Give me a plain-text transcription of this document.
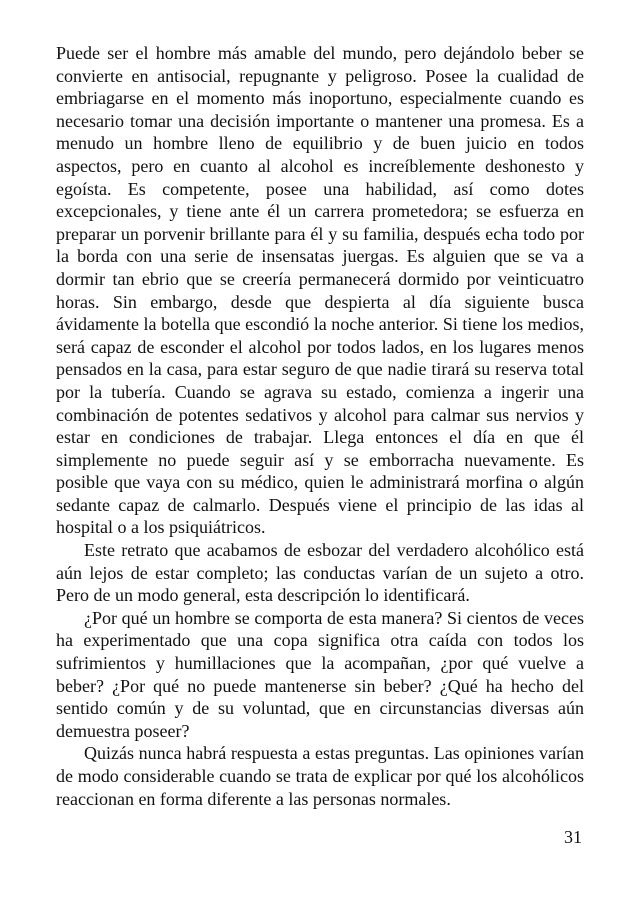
Puede ser el hombre más amable del mundo, pero dejándolo beber se convierte en antisocial, repugnante y peligroso. Posee la cualidad de embriagarse en el momento más inoportuno, especialmente cuando es necesario tomar una decisión importante o mantener una promesa. Es a menudo un hombre lleno de equilibrio y de buen juicio en todos aspectos, pero en cuanto al alcohol es increíblemente deshonesto y egoísta. Es competente, posee una habilidad, así como dotes excepcionales, y tiene ante él un carrera prometedora; se esfuerza en preparar un porvenir brillante para él y su familia, después echa todo por la borda con una serie de insensatas juergas. Es alguien que se va a dormir tan ebrio que se creería permanecerá dormido por veinticuatro horas. Sin embargo, desde que despierta al día siguiente busca ávidamente la botella que escondió la noche anterior. Si tiene los medios, será capaz de esconder el alcohol por todos lados, en los lugares menos pensados en la casa, para estar seguro de que nadie tirará su reserva total por la tubería. Cuando se agrava su estado, comienza a ingerir una combinación de potentes sedativos y alcohol para calmar sus nervios y estar en condiciones de trabajar. Llega entonces el día en que él simplemente no puede seguir así y se emborracha nuevamente. Es posible que vaya con su médico, quien le administrará morfina o algún sedante capaz de calmarlo. Después viene el principio de las idas al hospital o a los psiquiátricos.

Este retrato que acabamos de esbozar del verdadero alcohólico está aún lejos de estar completo; las conductas varían de un sujeto a otro. Pero de un modo general, esta descripción lo identificará.

¿Por qué un hombre se comporta de esta manera? Si cientos de veces ha experimentado que una copa significa otra caída con todos los sufrimientos y humillaciones que la acompañan, ¿por qué vuelve a beber? ¿Por qué no puede mantenerse sin beber? ¿Qué ha hecho del sentido común y de su voluntad, que en circunstancias diversas aún demuestra poseer?

Quizás nunca habrá respuesta a estas preguntas. Las opiniones varían de modo considerable cuando se trata de explicar por qué los alcohólicos reaccionan en forma diferente a las personas normales.

31
